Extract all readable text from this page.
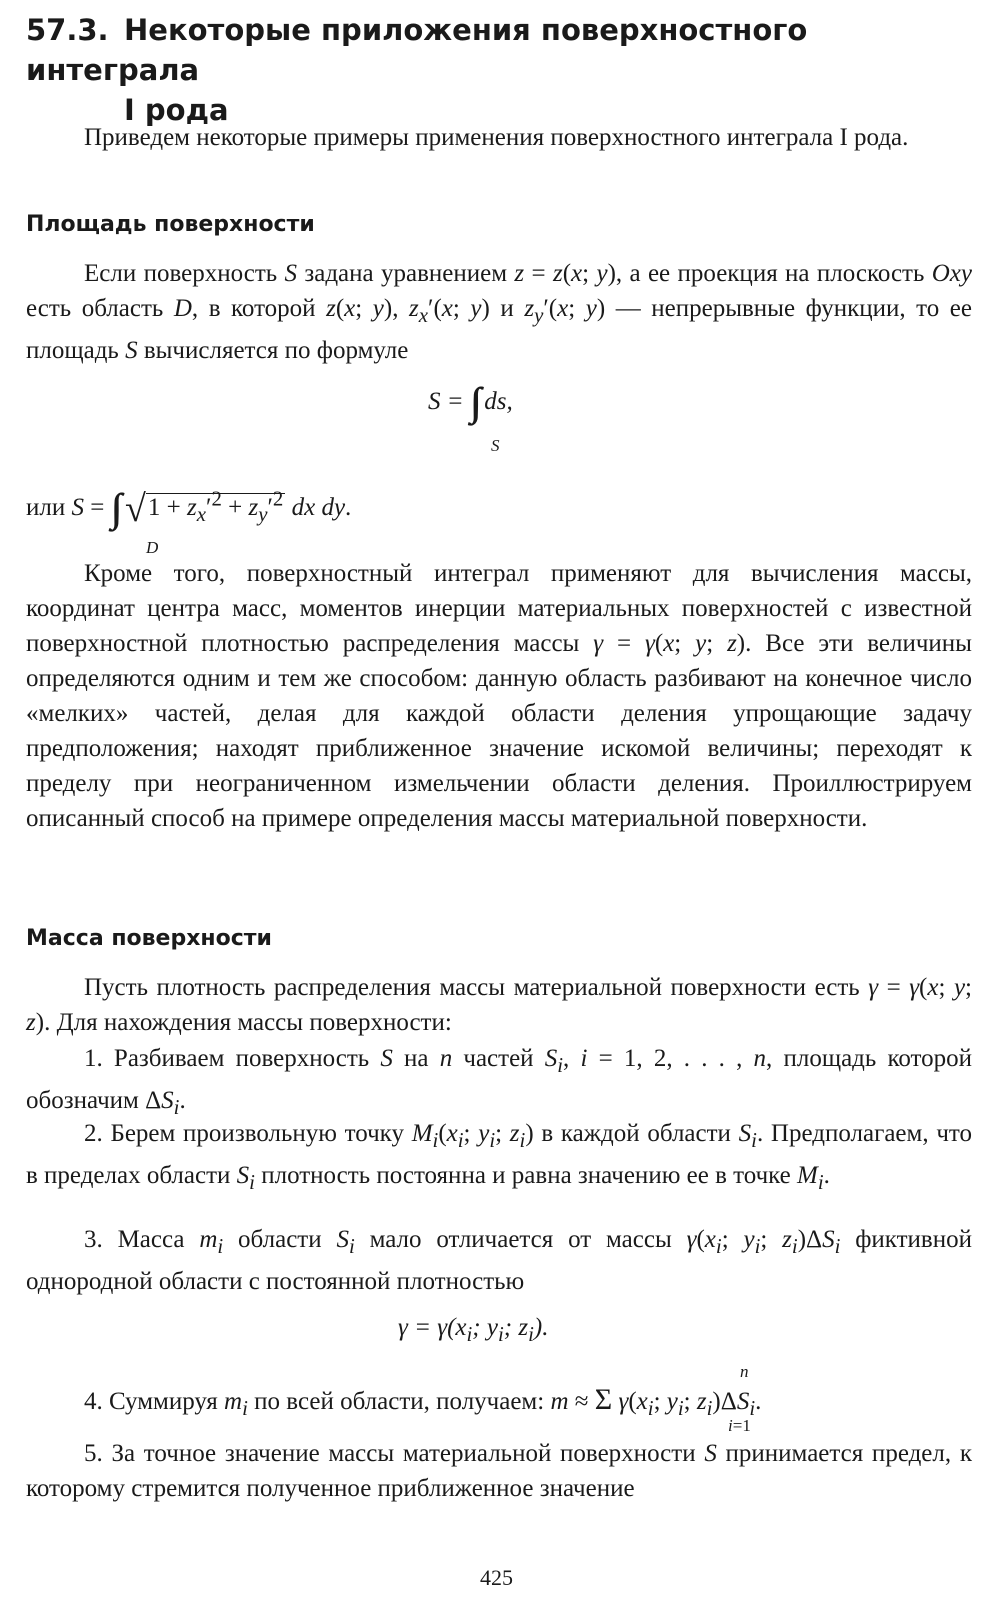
57.3. Некоторые приложения поверхностного интеграла
I рода

Приведем некоторые примеры применения поверхностного интеграла I рода.

Площадь поверхности

Если поверхность S задана уравнением z = z(x; y), а ее проекция на плоскость Oxy есть область D, в которой z(x; y), $z_x'(x$; y) и $z_y'(x$; y) — непрерывные функции, то ее площадь S вычисляется по формуле

S = ∫∫  ds,
S
или S = ∫∫ $√1 + z_x'^2 + z_y'^2$ dx dy.
D

Кроме того, поверхностный интеграл применяют для вычисления массы, координат центра масс, моментов инерции материальных поверхностей с известной поверхностной плотностью распределения массы γ = γ(x; y; z). Все эти величины определяются одним и тем же способом: данную область разбивают на конечное число «мелких» частей, делая для каждой области деления упрощающие задачу предположения; находят приближенное значение искомой величины; переходят к пределу при неограниченном измельчении области деления. Проиллюстрируем описанный способ на примере определения массы материальной поверхности.

Масса поверхности

Пусть плотность распределения массы материальной поверхности есть γ = γ(x; y; z). Для нахождения массы поверхности:

1. Разбиваем поверхность S на n частей $S_i$, i = 1, 2, . . . , n, площадь которой обозначим $\Delta S_i$.

2. Берем произвольную точку $M_i(x_i$; $y_i$; $z_i$) в каждой области $S_i$. Предполагаем, что в пределах области $S_i$ плотность постоянна и равна значению ее в точке $M_i$.

3. Масса $m_i$ области $S_i$ мало отличается от массы $\gamma(x_i$; $y_i$; $z_i)\Delta S_i$ фиктивной однородной области с постоянной плотностью

$\gamma = \gamma(x_i$; $y_i$; $z_i$).

4. Суммируя $m_i$ по всей области, получаем: m ≈ Σ $\gamma(x_i$; $y_i$; $z_i)\Delta S_i$.

n
i=1

5. За точное значение массы материальной поверхности S принимается предел, к которому стремится полученное приближенное значение

425
